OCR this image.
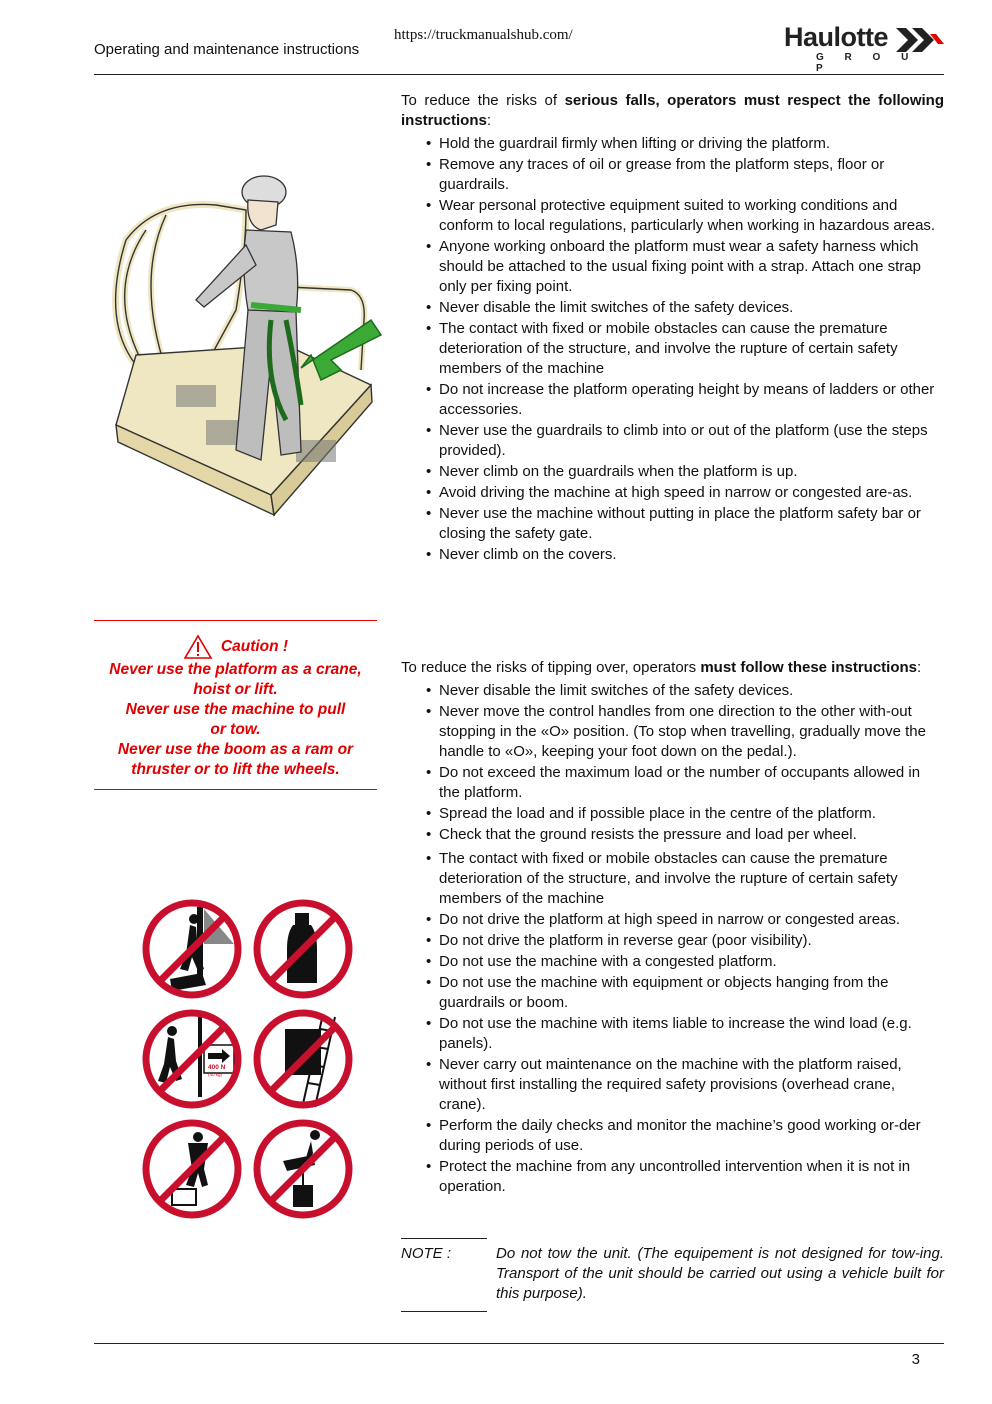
Operating and maintenance instructions
https://truckmanualshub.com/	Haulotte
G R O U P

To reduce the risks of serious falls, operators must respect the following instructions:

• Hold the guardrail firmly when lifting or driving the platform.
• Remove any traces of oil or grease from the platform steps, floor or guardrails.
• Wear personal protective equipment suited to working conditions and conform to local regulations, particularly when working in hazardous areas.
• Anyone working onboard the platform must wear a safety harness which should be attached to the usual fixing point with a strap. Attach one strap only per fixing point.
• Never disable the limit switches of the safety devices.
• The contact with fixed or mobile obstacles can cause the premature deterioration of the structure, and involve the rupture of certain safety members of the machine
• Do not increase the platform operating height by means of ladders or other accessories.
• Never use the guardrails to climb into or out of the platform (use the steps provided).
• Never climb on the guardrails when the platform is up.
• Avoid driving the machine at high speed in narrow or congested are-as.
• Never use the machine without putting in place the platform safety bar or closing the safety gate.
• Never climb on the covers.

To reduce the risks of tipping over, operators must follow these instructions:

• Never disable the limit switches of the safety devices.
• Never move the control handles from one direction to the other with-out stopping in the «O» position. (To stop when travelling, gradually move the handle to «O», keeping your foot down on the pedal.).
• Do not exceed the maximum load or the number of occupants allowed in the platform.
• Spread the load and if possible place in the centre of the platform.
• Check that the ground resists the pressure and load per wheel.
• The contact with fixed or mobile obstacles can cause the premature deterioration of the structure, and involve the rupture of certain safety members of the machine
• Do not drive the platform at high speed in narrow or congested areas.
• Do not drive the platform in reverse gear (poor visibility).
• Do not use the machine with a congested platform.
• Do not use the machine with equipment or objects hanging from the guardrails or boom.
• Do not use the machine with items liable to increase the wind load (e.g. panels).
• Never carry out maintenance on the machine with the platform raised, without first installing the required safety provisions (overhead crane, crane).
• Perform the daily checks and monitor the machine’s good working or-der during periods of use.
• Protect the machine from any uncontrolled intervention when it is not in operation.
Caution !
Never use the platform as a crane, hoist or lift.
Never use the machine to pull or tow.
Never use the boom as a ram or thruster or to lift the wheels.
400 N
(40 kg)
NOTE :	Do not tow the unit. (The equipement is not designed for tow-ing. Transport of the unit should be carried out using a vehicle built for this purpose).
3
